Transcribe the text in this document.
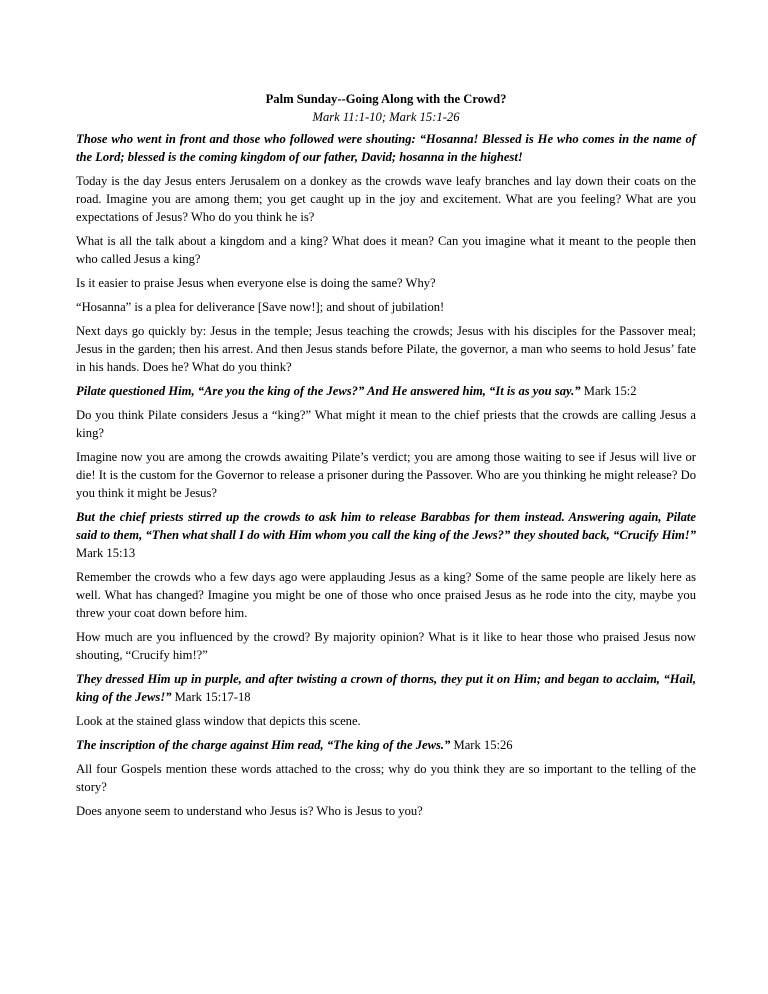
Palm Sunday--Going Along with the Crowd?

Mark 11:1-10; Mark 15:1-26

Those who went in front and those who followed were shouting: “Hosanna! Blessed is He who comes in the name of the Lord; blessed is the coming kingdom of our father, David; hosanna in the highest!

Today is the day Jesus enters Jerusalem on a donkey as the crowds wave leafy branches and lay down their coats on the road. Imagine you are among them; you get caught up in the joy and excitement. What are you feeling? What are you expectations of Jesus? Who do you think he is?

What is all the talk about a kingdom and a king? What does it mean? Can you imagine what it meant to the people then who called Jesus a king?

Is it easier to praise Jesus when everyone else is doing the same? Why?

“Hosanna” is a plea for deliverance [Save now!]; and shout of jubilation!

Next days go quickly by: Jesus in the temple; Jesus teaching the crowds; Jesus with his disciples for the Passover meal; Jesus in the garden; then his arrest. And then Jesus stands before Pilate, the governor, a man who seems to hold Jesus’ fate in his hands. Does he? What do you think?

Pilate questioned Him, “Are you the king of the Jews?” And He answered him, “It is as you say.” Mark 15:2

Do you think Pilate considers Jesus a “king?” What might it mean to the chief priests that the crowds are calling Jesus a king?

Imagine now you are among the crowds awaiting Pilate’s verdict; you are among those waiting to see if Jesus will live or die! It is the custom for the Governor to release a prisoner during the Passover. Who are you thinking he might release? Do you think it might be Jesus?

But the chief priests stirred up the crowds to ask him to release Barabbas for them instead. Answering again, Pilate said to them, “Then what shall I do with Him whom you call the king of the Jews?” they shouted back, “Crucify Him!” Mark 15:13

Remember the crowds who a few days ago were applauding Jesus as a king? Some of the same people are likely here as well. What has changed? Imagine you might be one of those who once praised Jesus as he rode into the city, maybe you threw your coat down before him.

How much are you influenced by the crowd? By majority opinion? What is it like to hear those who praised Jesus now shouting, “Crucify him!?”

They dressed Him up in purple, and after twisting a crown of thorns, they put it on Him; and began to acclaim, “Hail, king of the Jews!” Mark 15:17-18

Look at the stained glass window that depicts this scene.

The inscription of the charge against Him read, “The king of the Jews.” Mark 15:26

All four Gospels mention these words attached to the cross; why do you think they are so important to the telling of the story?

Does anyone seem to understand who Jesus is? Who is Jesus to you?
